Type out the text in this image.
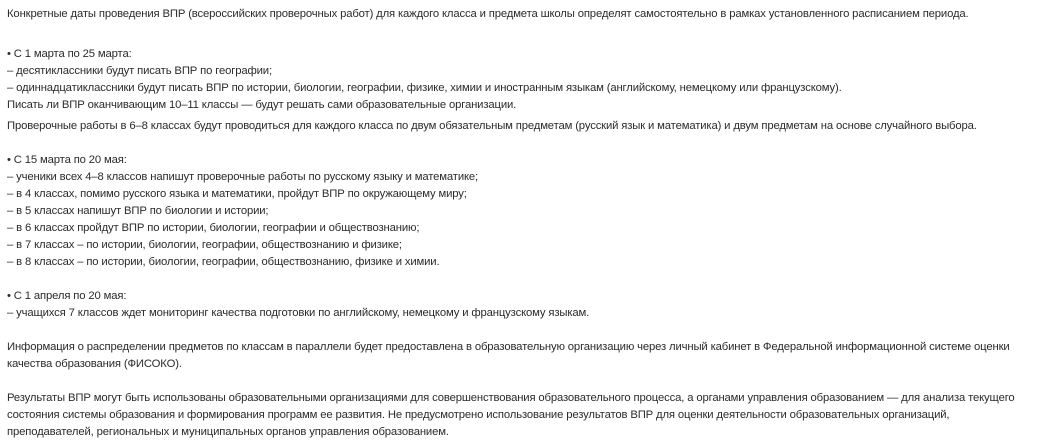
Конкретные даты проведения ВПР (всероссийских проверочных работ) для каждого класса и предмета школы определят самостоятельно в рамках установленного расписанием периода.

• С 1 марта по 25 марта:
– десятиклассники будут писать ВПР по географии;
– одиннадцатиклассники будут писать ВПР по истории, биологии, географии, физике, химии и иностранным языкам (английскому, немецкому или французскому).
Писать ли ВПР оканчивающим 10–11 классы — будут решать сами образовательные организации.

Проверочные работы в 6–8 классах будут проводиться для каждого класса по двум обязательным предметам (русский язык и математика) и двум предметам на основе случайного выбора.

• С 15 марта по 20 мая:
– ученики всех 4–8 классов напишут проверочные работы по русскому языку и математике;
– в 4 классах, помимо русского языка и математики, пройдут ВПР по окружающему миру;
– в 5 классах напишут ВПР по биологии и истории;
– в 6 классах пройдут ВПР по истории, биологии, географии и обществознанию;
– в 7 классах – по истории, биологии, географии, обществознанию и физике;
– в 8 классах – по истории, биологии, географии, обществознанию, физике и химии.
• С 1 апреля по 20 мая:
– учащихся 7 классов ждет мониторинг качества подготовки по английскому, немецкому и французскому языкам.

Информация о распределении предметов по классам в параллели будет предоставлена в образовательную организацию через личный кабинет в Федеральной информационной системе оценки
качества образования (ФИСОКО).

Результаты ВПР могут быть использованы образовательными организациями для совершенствования образовательного процесса, а органами управления образованием — для анализа текущего
состояния системы образования и формирования программ ее развития. Не предусмотрено использование результатов ВПР для оценки деятельности образовательных организаций,
преподавателей, региональных и муниципальных органов управления образованием.
